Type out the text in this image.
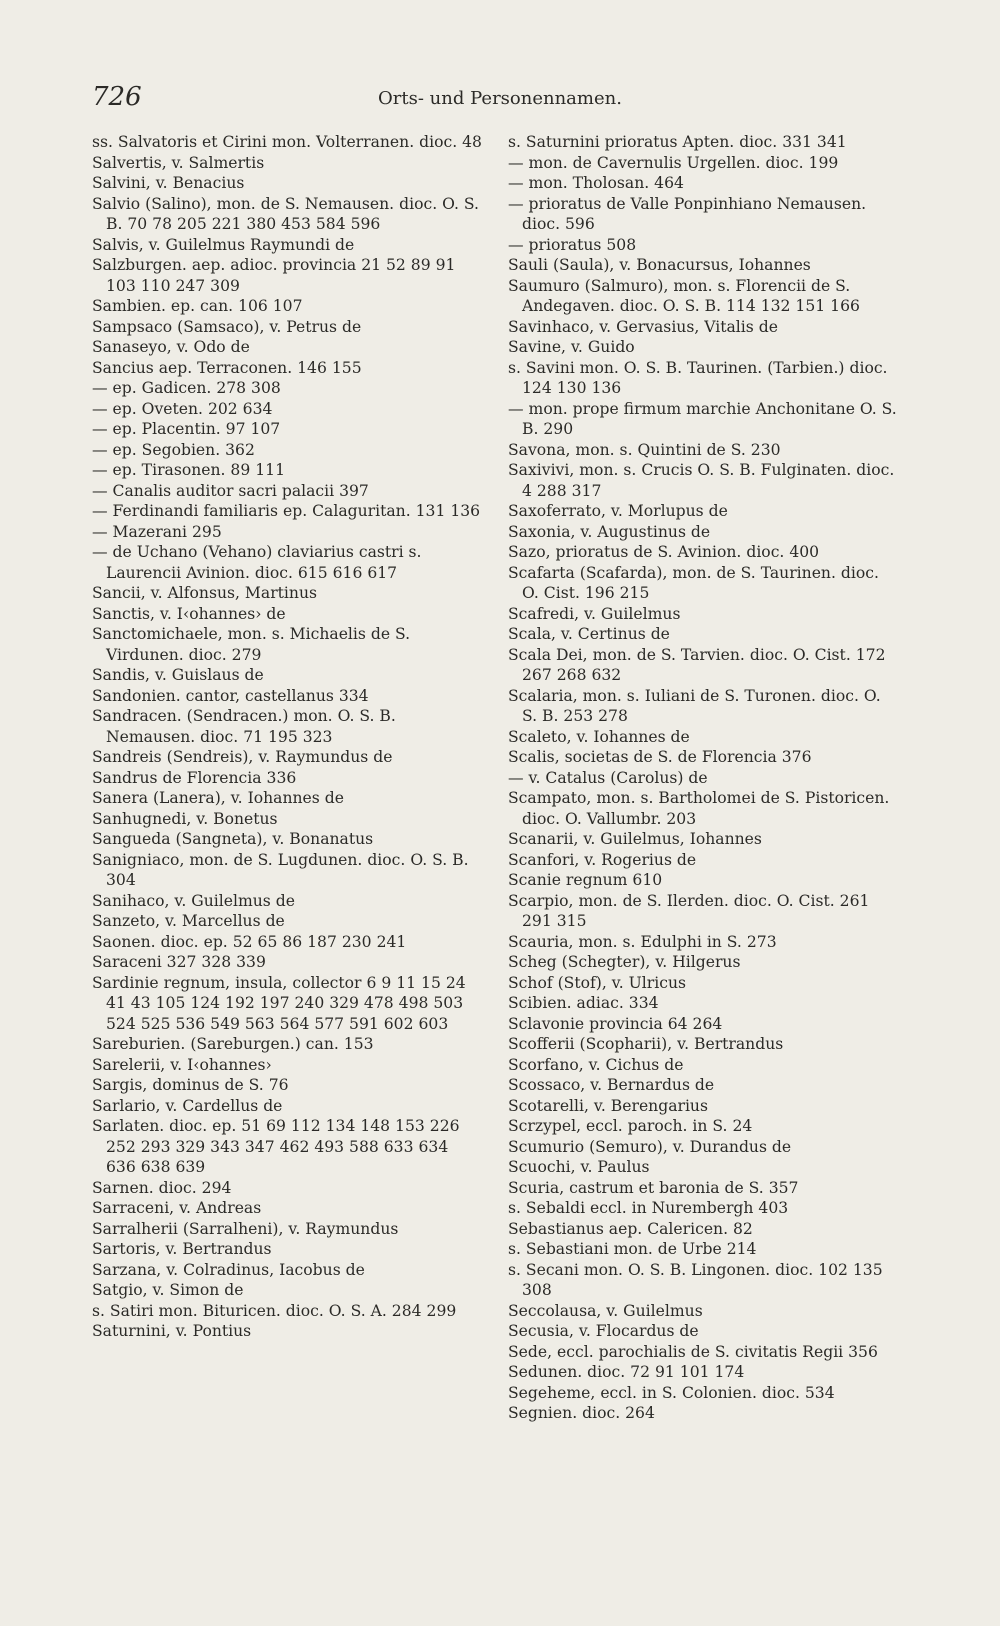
726	Orts- und Personennamen.
ss. Salvatoris et Cirini mon. Volterranen. dioc. 48
Salvertis, v. Salmertis
Salvini, v. Benacius
Salvio (Salino), mon. de S. Nemausen. dioc. O. S. B. 70 78 205 221 380 453 584 596
Salvis, v. Guilelmus Raymundi de
Salzburgen. aep. adioc. provincia 21 52 89 91 103 110 247 309
Sambien. ep. can. 106 107
Sampsaco (Samsaco), v. Petrus de
Sanaseyo, v. Odo de
Sancius aep. Terraconen. 146 155
— ep. Gadicen. 278 308
— ep. Oveten. 202 634
— ep. Placentin. 97 107
— ep. Segobien. 362
— ep. Tirasonen. 89 111
— Canalis auditor sacri palacii 397
— Ferdinandi familiaris ep. Calaguritan. 131 136
— Mazerani 295
— de Uchano (Vehano) claviarius castri s. Laurencii Avinion. dioc. 615 616 617
Sancii, v. Alfonsus, Martinus
Sanctis, v. I‹ohannes› de
Sanctomichaele, mon. s. Michaelis de S. Virdunen. dioc. 279
Sandis, v. Guislaus de
Sandonien. cantor, castellanus 334
Sandracen. (Sendracen.) mon. O. S. B. Nemausen. dioc. 71 195 323
Sandreis (Sendreis), v. Raymundus de
Sandrus de Florencia 336
Sanera (Lanera), v. Iohannes de
Sanhugnedi, v. Bonetus
Sangueda (Sangneta), v. Bonanatus
Sanigniaco, mon. de S. Lugdunen. dioc. O. S. B. 304
Sanihaco, v. Guilelmus de
Sanzeto, v. Marcellus de
Saonen. dioc. ep. 52 65 86 187 230 241
Saraceni 327 328 339
Sardinie regnum, insula, collector 6 9 11 15 24 41 43 105 124 192 197 240 329 478 498 503 524 525 536 549 563 564 577 591 602 603
Sareburien. (Sareburgen.) can. 153
Sarelerii, v. I‹ohannes›
Sargis, dominus de S. 76
Sarlario, v. Cardellus de
Sarlaten. dioc. ep. 51 69 112 134 148 153 226 252 293 329 343 347 462 493 588 633 634 636 638 639
Sarnen. dioc. 294
Sarraceni, v. Andreas
Sarralherii (Sarralheni), v. Raymundus
Sartoris, v. Bertrandus
Sarzana, v. Colradinus, Iacobus de
Satgio, v. Simon de
s. Satiri mon. Bituricen. dioc. O. S. A. 284 299
Saturnini, v. Pontius
s. Saturnini prioratus Apten. dioc. 331 341
— mon. de Cavernulis Urgellen. dioc. 199
— mon. Tholosan. 464
— prioratus de Valle Ponpinhiano Nemausen. dioc. 596
— prioratus 508
Sauli (Saula), v. Bonacursus, Iohannes
Saumuro (Salmuro), mon. s. Florencii de S. Andegaven. dioc. O. S. B. 114 132 151 166
Savinhaco, v. Gervasius, Vitalis de
Savine, v. Guido
s. Savini mon. O. S. B. Taurinen. (Tarbien.) dioc. 124 130 136
— mon. prope firmum marchie Anchonitane O. S. B. 290
Savona, mon. s. Quintini de S. 230
Saxivivi, mon. s. Crucis O. S. B. Fulginaten. dioc. 4 288 317
Saxoferrato, v. Morlupus de
Saxonia, v. Augustinus de
Sazo, prioratus de S. Avinion. dioc. 400
Scafarta (Scafarda), mon. de S. Taurinen. dioc. O. Cist. 196 215
Scafredi, v. Guilelmus
Scala, v. Certinus de
Scala Dei, mon. de S. Tarvien. dioc. O. Cist. 172 267 268 632
Scalaria, mon. s. Iuliani de S. Turonen. dioc. O. S. B. 253 278
Scaleto, v. Iohannes de
Scalis, societas de S. de Florencia 376
— v. Catalus (Carolus) de
Scampato, mon. s. Bartholomei de S. Pistoricen. dioc. O. Vallumbr. 203
Scanarii, v. Guilelmus, Iohannes
Scanfori, v. Rogerius de
Scanie regnum 610
Scarpio, mon. de S. Ilerden. dioc. O. Cist. 261 291 315
Scauria, mon. s. Edulphi in S. 273
Scheg (Schegter), v. Hilgerus
Schof (Stof), v. Ulricus
Scibien. adiac. 334
Sclavonie provincia 64 264
Scofferii (Scopharii), v. Bertrandus
Scorfano, v. Cichus de
Scossaco, v. Bernardus de
Scotarelli, v. Berengarius
Scrzypel, eccl. paroch. in S. 24
Scumurio (Semuro), v. Durandus de
Scuochi, v. Paulus
Scuria, castrum et baronia de S. 357
s. Sebaldi eccl. in Nurembergh 403
Sebastianus aep. Calericen. 82
s. Sebastiani mon. de Urbe 214
s. Secani mon. O. S. B. Lingonen. dioc. 102 135 308
Seccolausa, v. Guilelmus
Secusia, v. Flocardus de
Sede, eccl. parochialis de S. civitatis Regii 356
Sedunen. dioc. 72 91 101 174
Segeheme, eccl. in S. Colonien. dioc. 534
Segnien. dioc. 264
